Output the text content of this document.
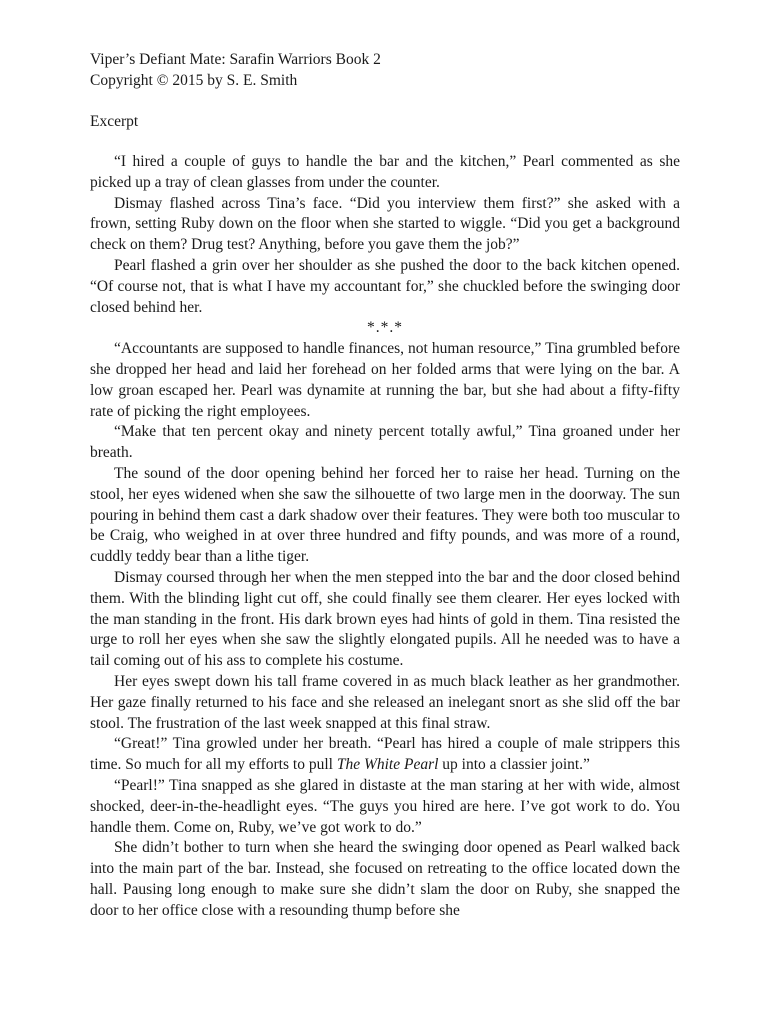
Viper’s Defiant Mate: Sarafin Warriors Book 2
Copyright © 2015 by S. E. Smith
Excerpt

“I hired a couple of guys to handle the bar and the kitchen,” Pearl commented as she picked up a tray of clean glasses from under the counter.

Dismay flashed across Tina’s face. “Did you interview them first?” she asked with a frown, setting Ruby down on the floor when she started to wiggle. “Did you get a background check on them? Drug test? Anything, before you gave them the job?”

Pearl flashed a grin over her shoulder as she pushed the door to the back kitchen opened. “Of course not, that is what I have my accountant for,” she chuckled before the swinging door closed behind her.

*.*.*

“Accountants are supposed to handle finances, not human resource,” Tina grumbled before she dropped her head and laid her forehead on her folded arms that were lying on the bar. A low groan escaped her. Pearl was dynamite at running the bar, but she had about a fifty-fifty rate of picking the right employees.

“Make that ten percent okay and ninety percent totally awful,” Tina groaned under her breath.

The sound of the door opening behind her forced her to raise her head. Turning on the stool, her eyes widened when she saw the silhouette of two large men in the doorway. The sun pouring in behind them cast a dark shadow over their features. They were both too muscular to be Craig, who weighed in at over three hundred and fifty pounds, and was more of a round, cuddly teddy bear than a lithe tiger.

Dismay coursed through her when the men stepped into the bar and the door closed behind them. With the blinding light cut off, she could finally see them clearer. Her eyes locked with the man standing in the front. His dark brown eyes had hints of gold in them. Tina resisted the urge to roll her eyes when she saw the slightly elongated pupils. All he needed was to have a tail coming out of his ass to complete his costume.

Her eyes swept down his tall frame covered in as much black leather as her grandmother. Her gaze finally returned to his face and she released an inelegant snort as she slid off the bar stool. The frustration of the last week snapped at this final straw.

“Great!” Tina growled under her breath. “Pearl has hired a couple of male strippers this time. So much for all my efforts to pull The White Pearl up into a classier joint.”

“Pearl!” Tina snapped as she glared in distaste at the man staring at her with wide, almost shocked, deer-in-the-headlight eyes. “The guys you hired are here. I’ve got work to do. You handle them. Come on, Ruby, we’ve got work to do.”

She didn’t bother to turn when she heard the swinging door opened as Pearl walked back into the main part of the bar. Instead, she focused on retreating to the office located down the hall. Pausing long enough to make sure she didn’t slam the door on Ruby, she snapped the door to her office close with a resounding thump before she
